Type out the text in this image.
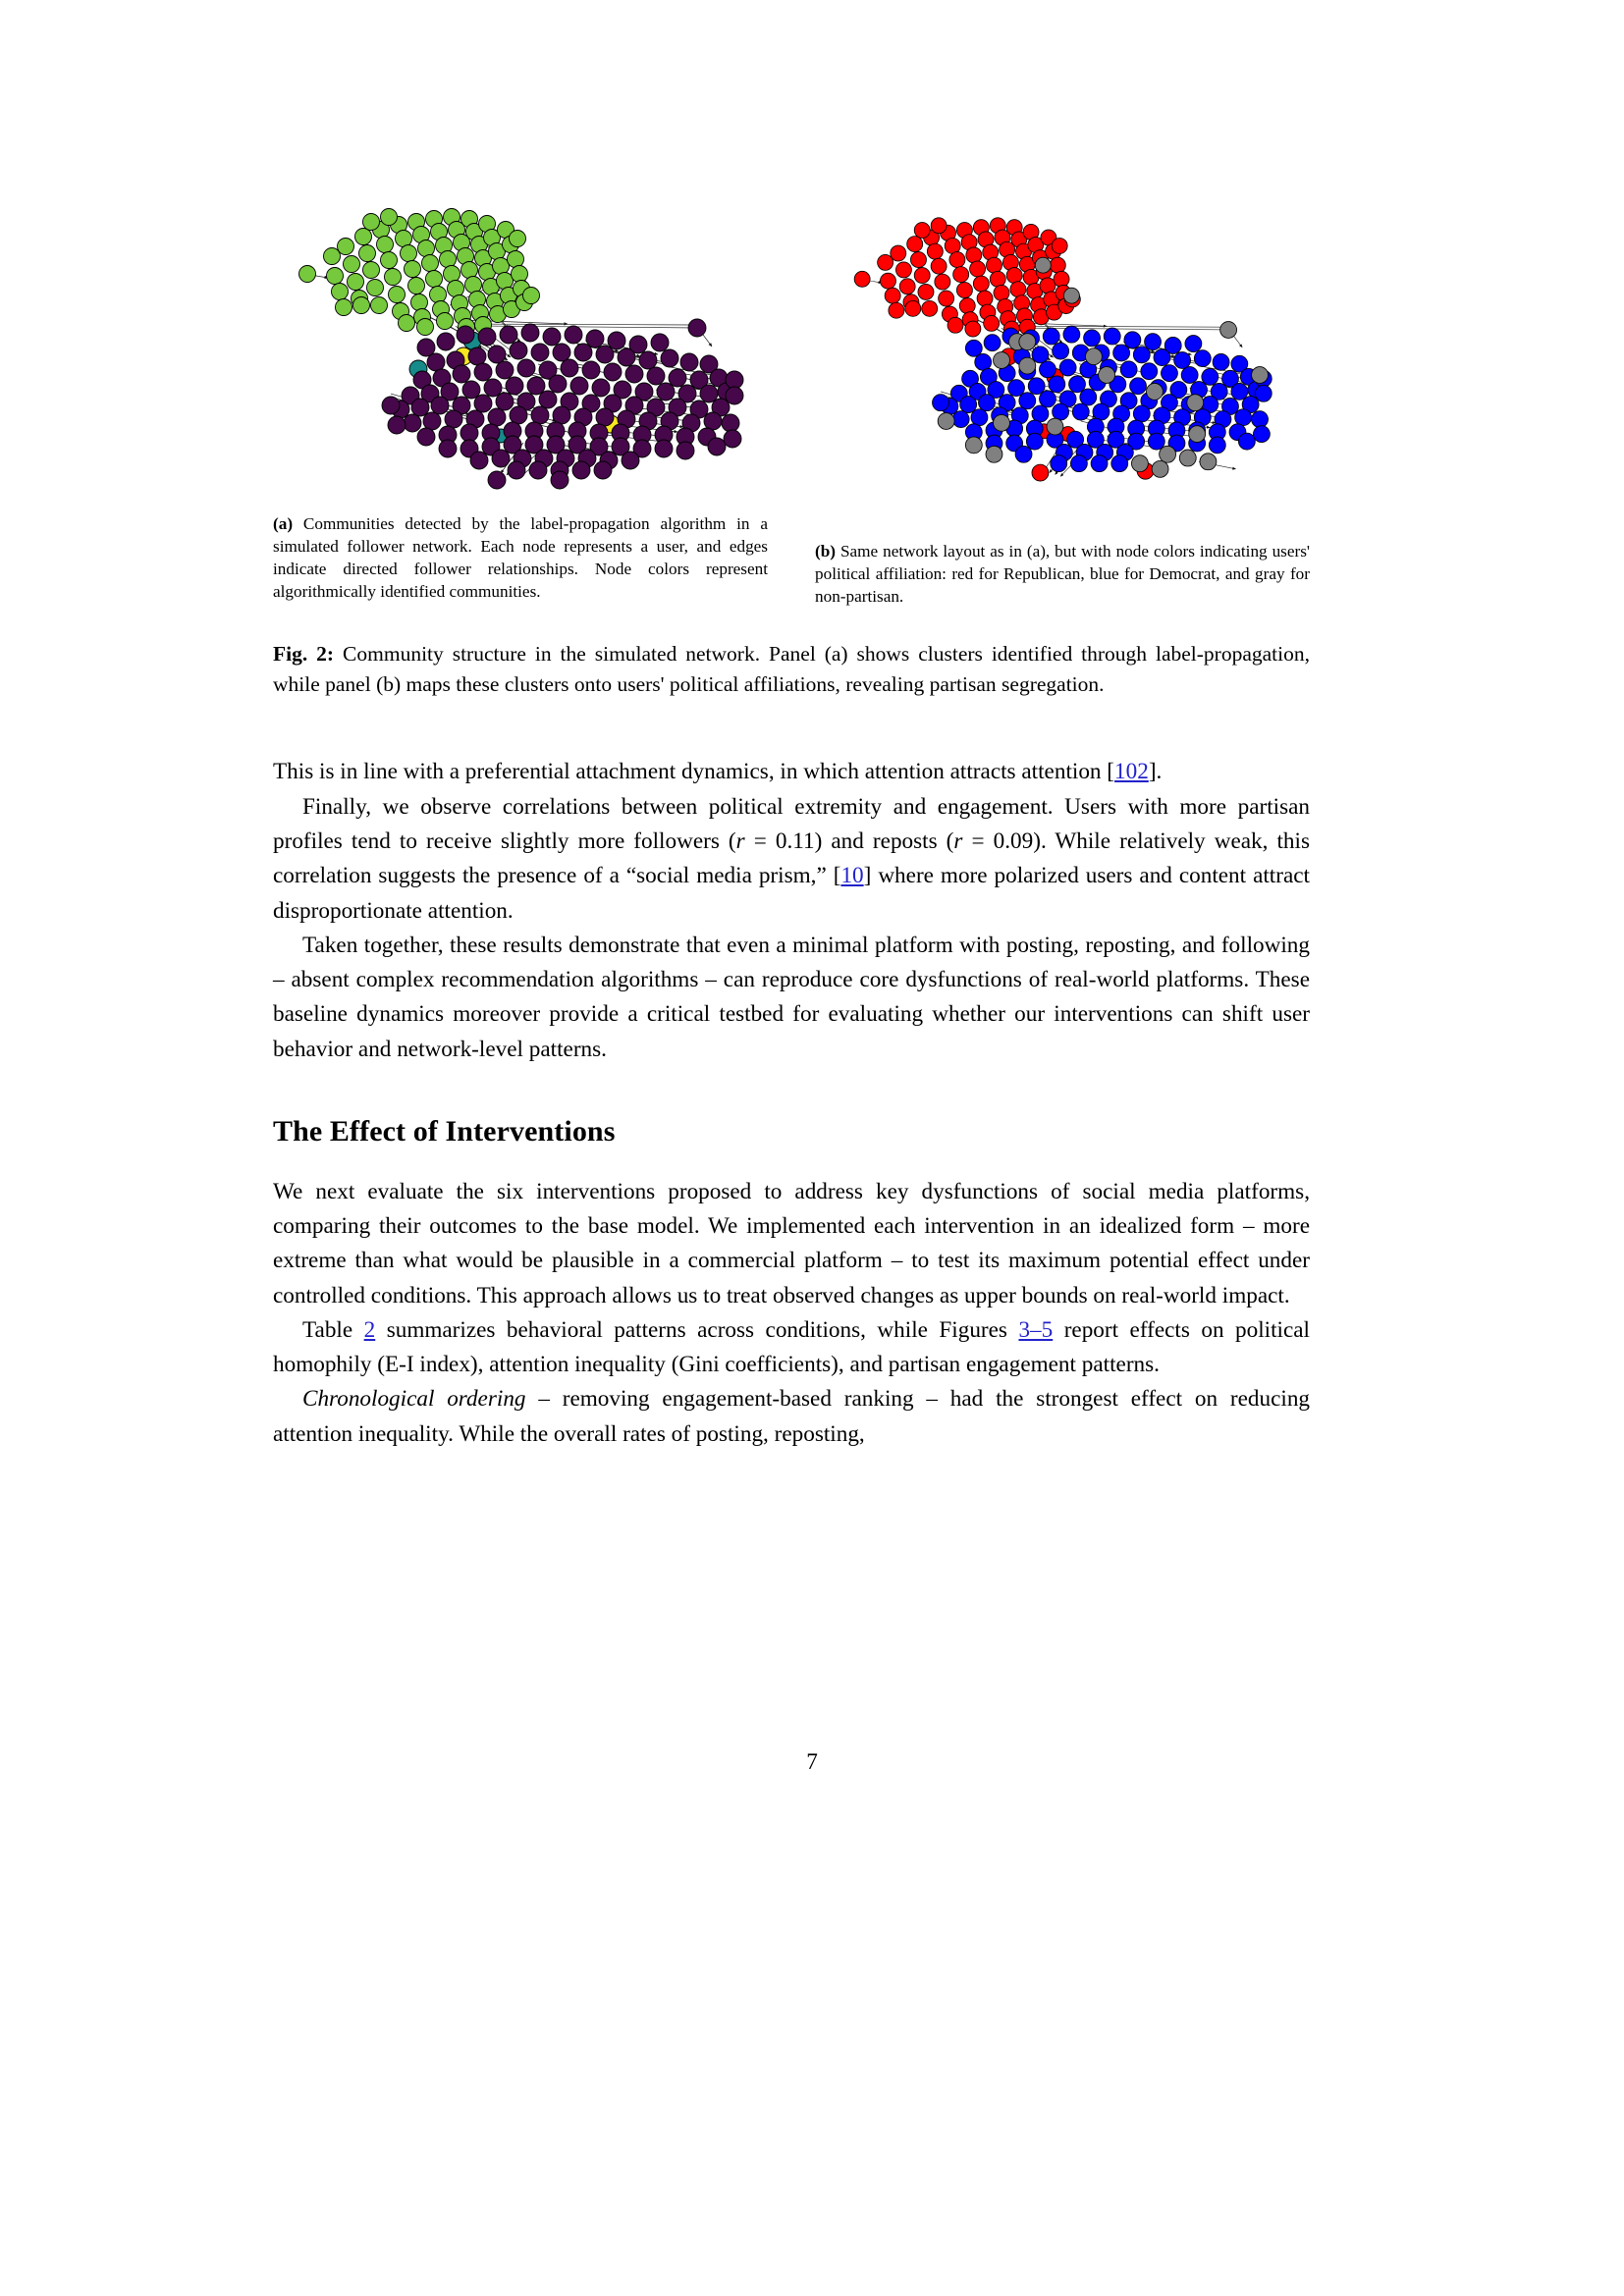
(a) Communities detected by the label-propagation algorithm in a simulated follower network. Each node represents a user, and edges indicate directed follower relationships. Node colors represent algorithmically identified communities.
(b) Same network layout as in (a), but with node colors indicating users' political affiliation: red for Republican, blue for Democrat, and gray for non-partisan.
Fig. 2: Community structure in the simulated network. Panel (a) shows clusters identified through label-propagation, while panel (b) maps these clusters onto users' political affiliations, revealing partisan segregation.

This is in line with a preferential attachment dynamics, in which attention attracts attention [102].

Finally, we observe correlations between political extremity and engagement. Users with more partisan profiles tend to receive slightly more followers (r = 0.11) and reposts (r = 0.09). While relatively weak, this correlation suggests the presence of a “social media prism,” [10] where more polarized users and content attract disproportionate attention.

Taken together, these results demonstrate that even a minimal platform with posting, reposting, and following – absent complex recommendation algorithms – can reproduce core dysfunctions of real-world platforms. These baseline dynamics moreover provide a critical testbed for evaluating whether our interventions can shift user behavior and network-level patterns.

The Effect of Interventions

We next evaluate the six interventions proposed to address key dysfunctions of social media platforms, comparing their outcomes to the base model. We implemented each intervention in an idealized form – more extreme than what would be plausible in a commercial platform – to test its maximum potential effect under controlled conditions. This approach allows us to treat observed changes as upper bounds on real-world impact.

Table 2 summarizes behavioral patterns across conditions, while Figures 3–5 report effects on political homophily (E-I index), attention inequality (Gini coefficients), and partisan engagement patterns.

Chronological ordering – removing engagement-based ranking – had the strongest effect on reducing attention inequality. While the overall rates of posting, reposting,

7
